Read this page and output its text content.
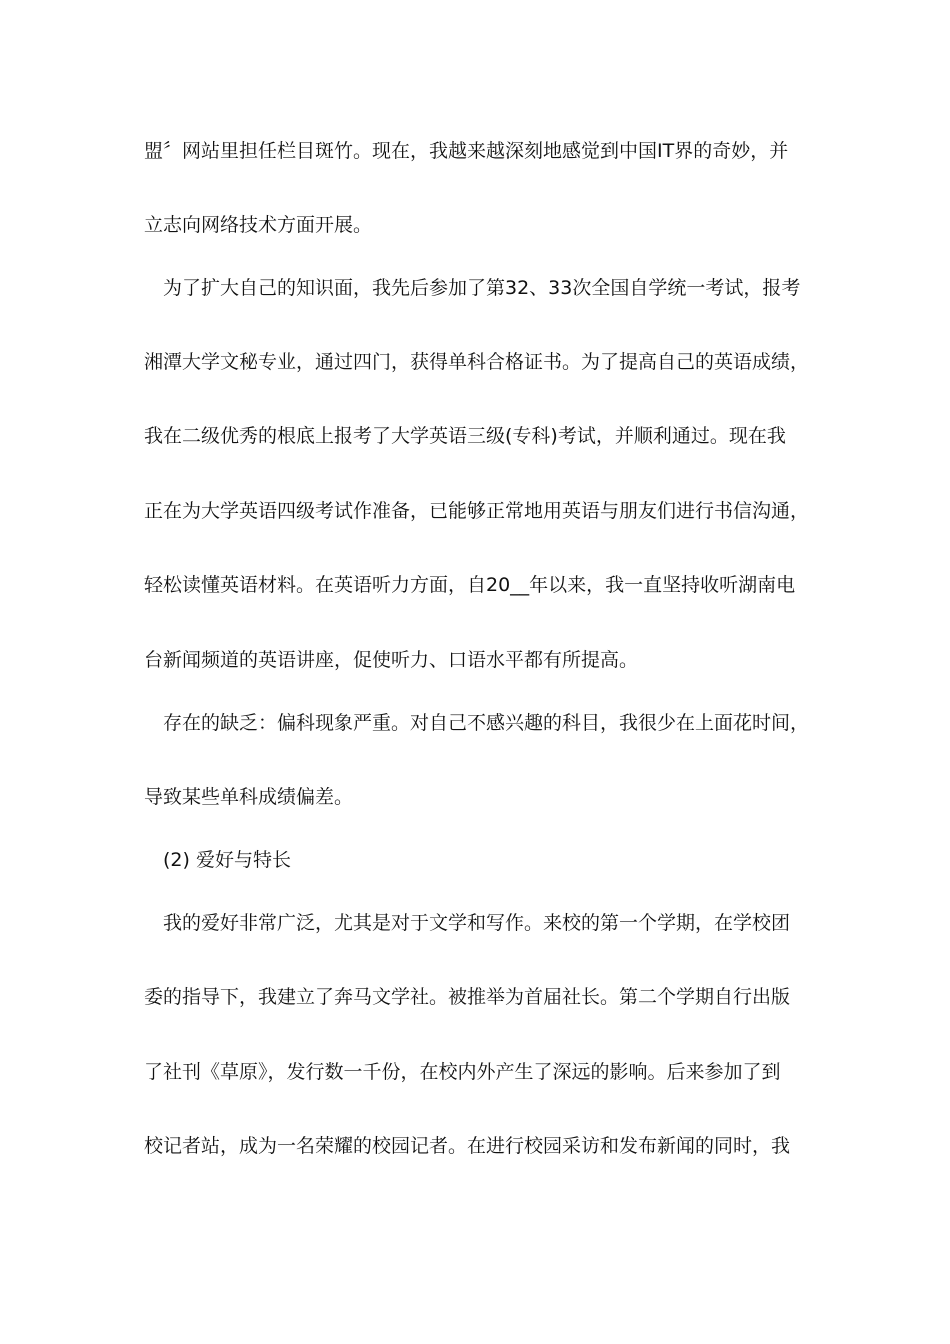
盟〞网站里担任栏目斑竹。现在，我越来越深刻地感觉到中国IT界的奇妙，并
立志向网络技术方面开展。
为了扩大自己的知识面，我先后参加了第32、33次全国自学统一考试，报考
湘潭大学文秘专业，通过四门，获得单科合格证书。为了提高自己的英语成绩，
我在二级优秀的根底上报考了大学英语三级(专科)考试，并顺利通过。现在我
正在为大学英语四级考试作准备，已能够正常地用英语与朋友们进行书信沟通，
轻松读懂英语材料。在英语听力方面，自20__年以来，我一直坚持收听湖南电
台新闻频道的英语讲座，促使听力、口语水平都有所提高。
存在的缺乏：偏科现象严重。对自己不感兴趣的科目，我很少在上面花时间，
导致某些单科成绩偏差。
(2) 爱好与特长
我的爱好非常广泛，尤其是对于文学和写作。来校的第一个学期，在学校团
委的指导下，我建立了奔马文学社。被推举为首届社长。第二个学期自行出版
了社刊《草原》，发行数一千份，在校内外产生了深远的影响。后来参加了到
校记者站，成为一名荣耀的校园记者。在进行校园采访和发布新闻的同时，我
